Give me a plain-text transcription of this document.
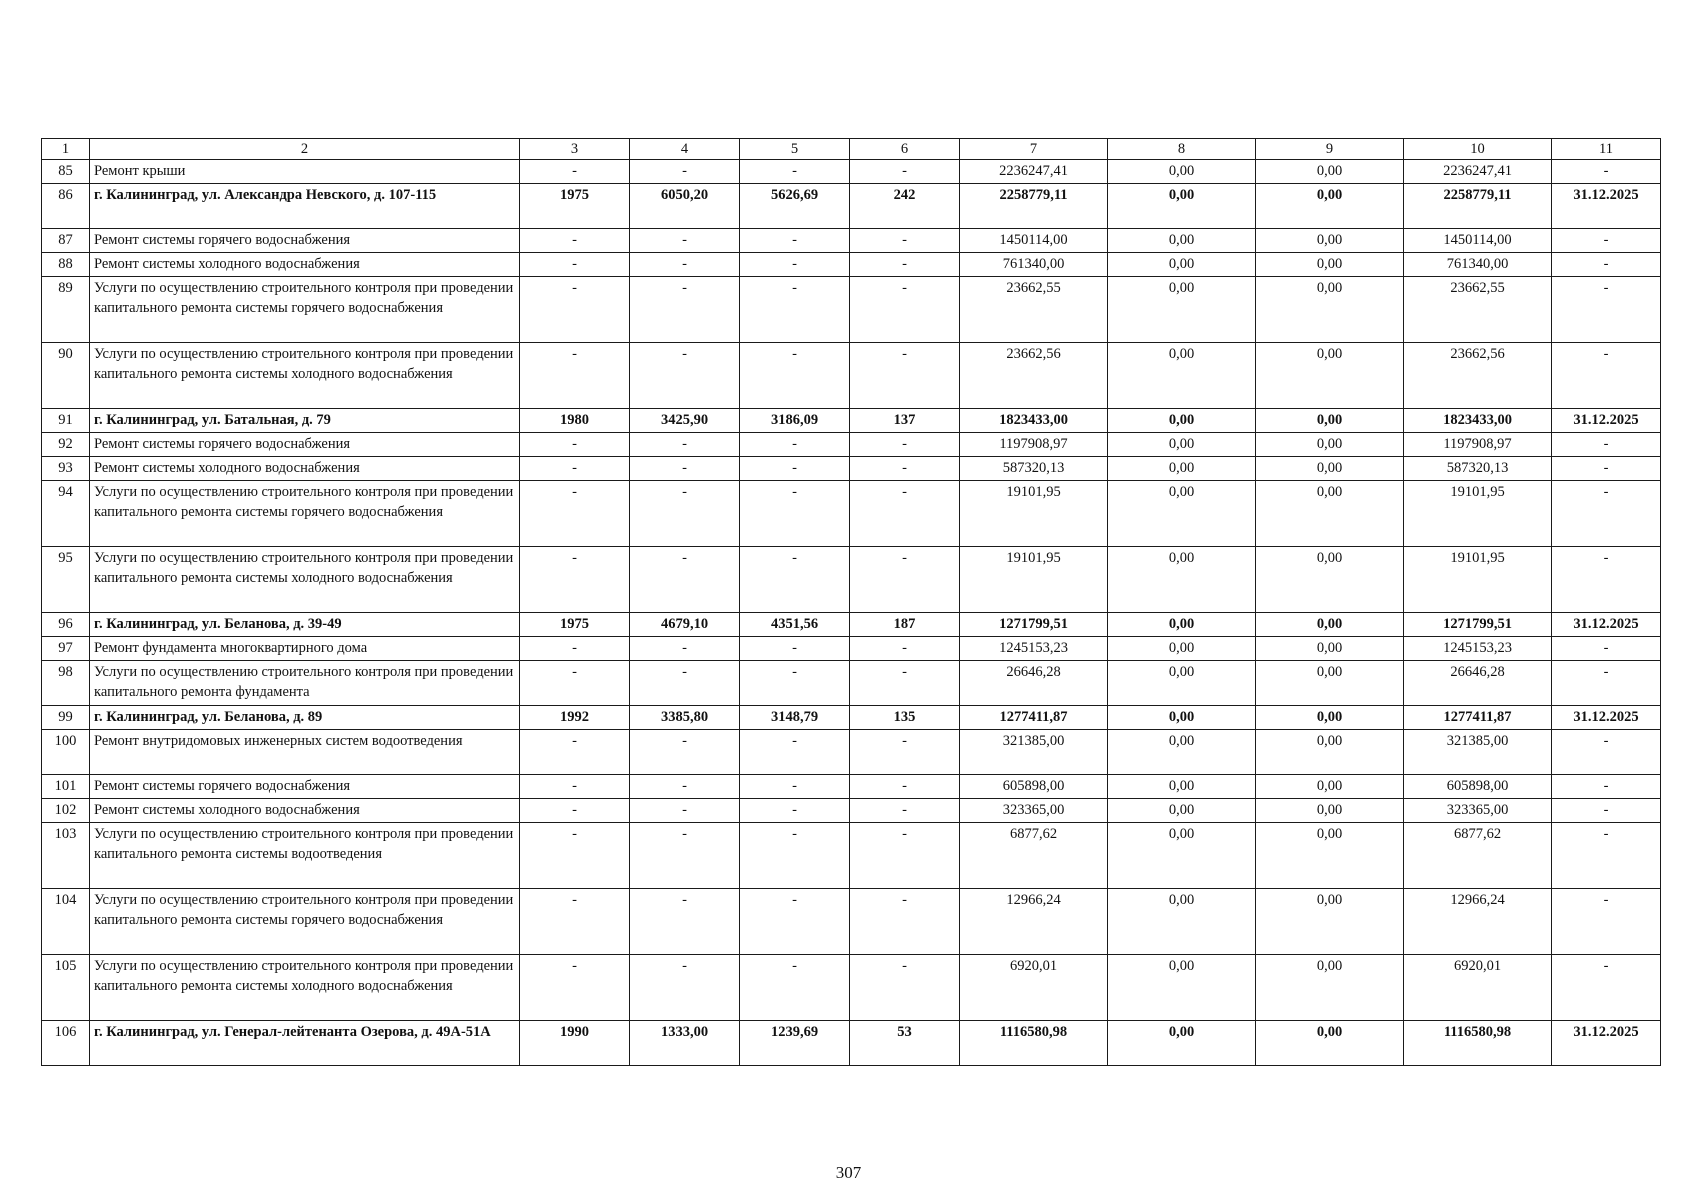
1	2	3	4	5	6	7	8	9	10	11
85	Ремонт крыши	-	-	-	-	2236247,41	0,00	0,00	2236247,41	-
86	г. Калининград, ул. Александра Невского, д. 107-115	1975	6050,20	5626,69	242	2258779,11	0,00	0,00	2258779,11	31.12.2025
87	Ремонт системы горячего водоснабжения	-	-	-	-	1450114,00	0,00	0,00	1450114,00	-
88	Ремонт системы холодного водоснабжения	-	-	-	-	761340,00	0,00	0,00	761340,00	-
89	Услуги по осуществлению строительного контроля при проведении капитального ремонта системы горячего водоснабжения	-	-	-	-	23662,55	0,00	0,00	23662,55	-
90	Услуги по осуществлению строительного контроля при проведении капитального ремонта системы холодного водоснабжения	-	-	-	-	23662,56	0,00	0,00	23662,56	-
91	г. Калининград, ул. Батальная, д. 79	1980	3425,90	3186,09	137	1823433,00	0,00	0,00	1823433,00	31.12.2025
92	Ремонт системы горячего водоснабжения	-	-	-	-	1197908,97	0,00	0,00	1197908,97	-
93	Ремонт системы холодного водоснабжения	-	-	-	-	587320,13	0,00	0,00	587320,13	-
94	Услуги по осуществлению строительного контроля при проведении капитального ремонта системы горячего водоснабжения	-	-	-	-	19101,95	0,00	0,00	19101,95	-
95	Услуги по осуществлению строительного контроля при проведении капитального ремонта системы холодного водоснабжения	-	-	-	-	19101,95	0,00	0,00	19101,95	-
96	г. Калининград, ул. Беланова, д. 39-49	1975	4679,10	4351,56	187	1271799,51	0,00	0,00	1271799,51	31.12.2025
97	Ремонт фундамента многоквартирного дома	-	-	-	-	1245153,23	0,00	0,00	1245153,23	-
98	Услуги по осуществлению строительного контроля при проведении капитального ремонта фундамента	-	-	-	-	26646,28	0,00	0,00	26646,28	-
99	г. Калининград, ул. Беланова, д. 89	1992	3385,80	3148,79	135	1277411,87	0,00	0,00	1277411,87	31.12.2025
100	Ремонт внутридомовых инженерных систем водоотведения	-	-	-	-	321385,00	0,00	0,00	321385,00	-
101	Ремонт системы горячего водоснабжения	-	-	-	-	605898,00	0,00	0,00	605898,00	-
102	Ремонт системы холодного водоснабжения	-	-	-	-	323365,00	0,00	0,00	323365,00	-
103	Услуги по осуществлению строительного контроля при проведении капитального ремонта системы водоотведения	-	-	-	-	6877,62	0,00	0,00	6877,62	-
104	Услуги по осуществлению строительного контроля при проведении капитального ремонта системы горячего водоснабжения	-	-	-	-	12966,24	0,00	0,00	12966,24	-
105	Услуги по осуществлению строительного контроля при проведении капитального ремонта системы холодного водоснабжения	-	-	-	-	6920,01	0,00	0,00	6920,01	-
106	г. Калининград, ул. Генерал-лейтенанта Озерова, д. 49А-51А	1990	1333,00	1239,69	53	1116580,98	0,00	0,00	1116580,98	31.12.2025
307
